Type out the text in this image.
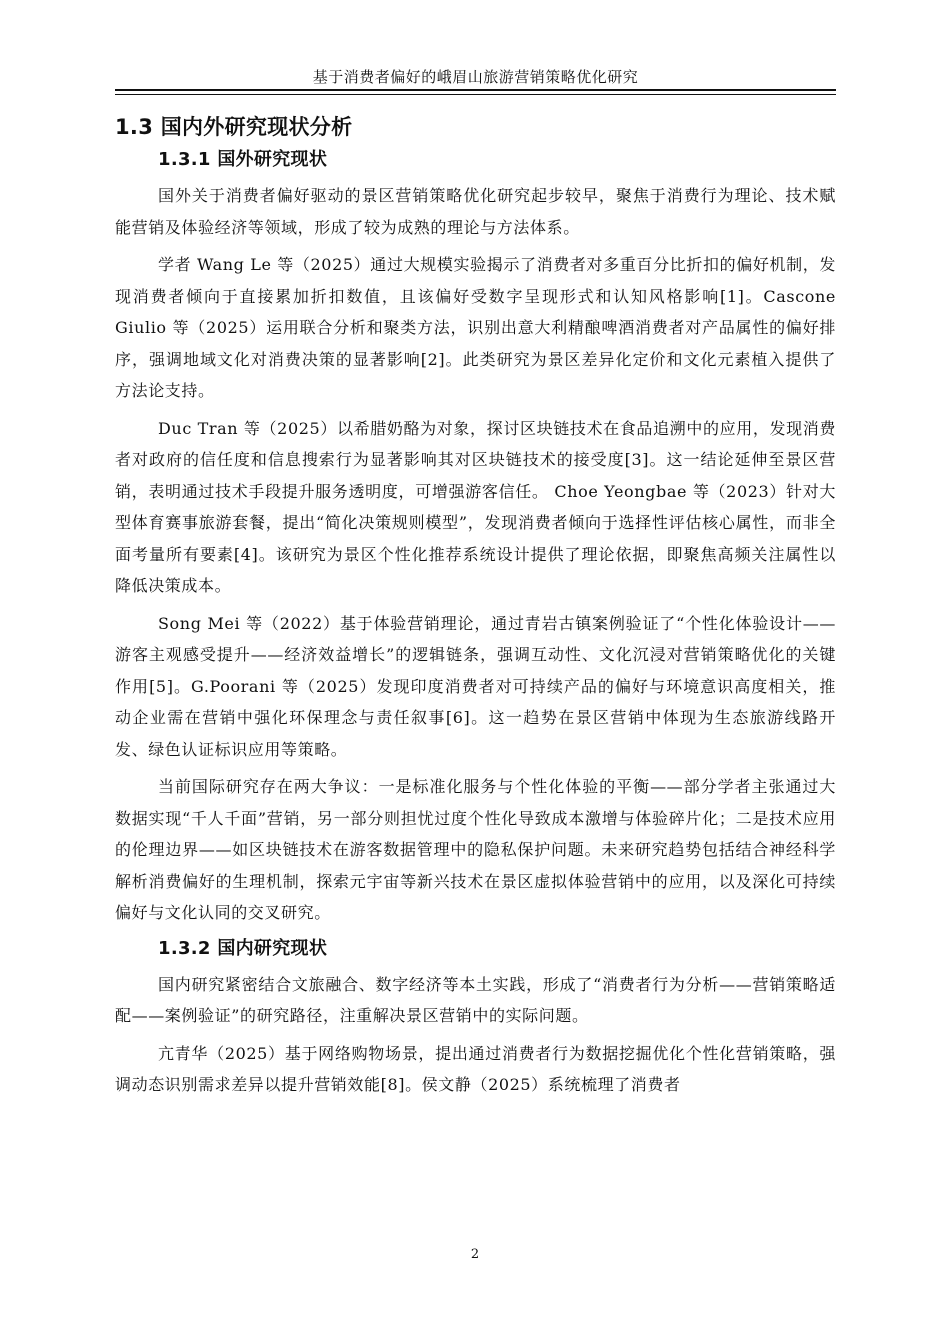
基于消费者偏好的峨眉山旅游营销策略优化研究
1.3 国内外研究现状分析
1.3.1 国外研究现状

国外关于消费者偏好驱动的景区营销策略优化研究起步较早，聚焦于消费行为理论、技术赋能营销及体验经济等领域，形成了较为成熟的理论与方法体系。

学者 Wang Le 等（2025）通过大规模实验揭示了消费者对多重百分比折扣的偏好机制，发现消费者倾向于直接累加折扣数值，且该偏好受数字呈现形式和认知风格影响[1]。Cascone Giulio 等（2025）运用联合分析和聚类方法，识别出意大利精酿啤酒消费者对产品属性的偏好排序，强调地域文化对消费决策的显著影响[2]。此类研究为景区差异化定价和文化元素植入提供了方法论支持。

Duc Tran 等（2025）以希腊奶酪为对象，探讨区块链技术在食品追溯中的应用，发现消费者对政府的信任度和信息搜索行为显著影响其对区块链技术的接受度[3]。这一结论延伸至景区营销，表明通过技术手段提升服务透明度，可增强游客信任。 Choe Yeongbae 等（2023）针对大型体育赛事旅游套餐，提出“简化决策规则模型”，发现消费者倾向于选择性评估核心属性，而非全面考量所有要素[4]。该研究为景区个性化推荐系统设计提供了理论依据，即聚焦高频关注属性以降低决策成本。

Song Mei 等（2022）基于体验营销理论，通过青岩古镇案例验证了“个性化体验设计——游客主观感受提升——经济效益增长”的逻辑链条，强调互动性、文化沉浸对营销策略优化的关键作用[5]。G.Poorani 等（2025）发现印度消费者对可持续产品的偏好与环境意识高度相关，推动企业需在营销中强化环保理念与责任叙事[6]。这一趋势在景区营销中体现为生态旅游线路开发、绿色认证标识应用等策略。

当前国际研究存在两大争议：一是标准化服务与个性化体验的平衡——部分学者主张通过大数据实现“千人千面”营销，另一部分则担忧过度个性化导致成本激增与体验碎片化；二是技术应用的伦理边界——如区块链技术在游客数据管理中的隐私保护问题。未来研究趋势包括结合神经科学解析消费偏好的生理机制，探索元宇宙等新兴技术在景区虚拟体验营销中的应用，以及深化可持续偏好与文化认同的交叉研究。

1.3.2 国内研究现状

国内研究紧密结合文旅融合、数字经济等本土实践，形成了“消费者行为分析——营销策略适配——案例验证”的研究路径，注重解决景区营销中的实际问题。

亢青华（2025）基于网络购物场景，提出通过消费者行为数据挖掘优化个性化营销策略，强调动态识别需求差异以提升营销效能[8]。侯文静（2025）系统梳理了消费者

2
